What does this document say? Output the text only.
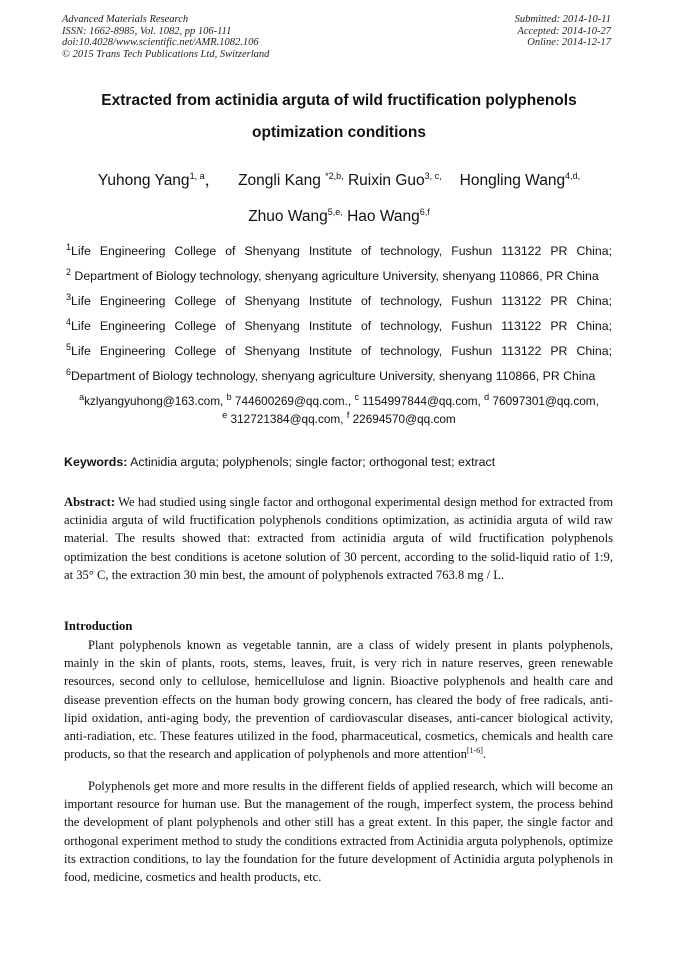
Advanced Materials Research
ISSN: 1662-8985, Vol. 1082, pp 106-111
doi:10.4028/www.scientific.net/AMR.1082.106
© 2015 Trans Tech Publications Ltd, Switzerland
Submitted: 2014-10-11
Accepted: 2014-10-27
Online: 2014-12-17
Extracted from actinidia arguta of wild fructification polyphenols
optimization conditions
Yuhong Yang$^{1, a}$， Zongli Kang $^{*2,b,}$ Ruixin Guo$^{3, c,}$ Hongling Wang$^{4,d,}$
Zhuo Wang$^{5,e,}$ Hao Wang$^{6,f}$
$^1$Life Engineering College of Shenyang Institute of technology, Fushun 113122 PR China;
$^2$ Department of Biology technology, shenyang agriculture University, shenyang 110866, PR China
$^3$Life Engineering College of Shenyang Institute of technology, Fushun 113122 PR China;
$^4$Life Engineering College of Shenyang Institute of technology, Fushun 113122 PR China;
$^5$Life Engineering College of Shenyang Institute of technology, Fushun 113122 PR China;
$^6$Department of Biology technology, shenyang agriculture University, shenyang 110866, PR China
$^a$kzlyangyuhong@163.com, $^b$ 744600269@qq.com., $^c$ 1154997844@qq.com, $^d$ 76097301@qq.com,
$^e$ 312721384@qq.com, $^f$ 22694570@qq.com
Keywords: Actinidia arguta; polyphenols; single factor; orthogonal test; extract

Abstract: We had studied using single factor and orthogonal experimental design method for extracted from actinidia arguta of wild fructification polyphenols conditions optimization, as actinidia arguta of wild raw material. The results showed that: extracted from actinidia arguta of wild fructification polyphenols optimization the best conditions is acetone solution of 30 percent, according to the solid-liquid ratio of 1:9, at 35° C, the extraction 30 min best, the amount of polyphenols extracted 763.8 mg / L.

Introduction

Plant polyphenols known as vegetable tannin, are a class of widely present in plants polyphenols, mainly in the skin of plants, roots, stems, leaves, fruit, is very rich in nature reserves, green renewable resources, second only to cellulose, hemicellulose and lignin. Bioactive polyphenols and health care and disease prevention effects on the human body growing concern, has cleared the body of free radicals, anti-lipid oxidation, anti-aging body, the prevention of cardiovascular diseases, anti-cancer biological activity, anti-radiation, etc. These features utilized in the food, pharmaceutical, cosmetics, chemicals and health care products, so that the research and application of polyphenols and more attention[1-6].

Polyphenols get more and more results in the different fields of applied research, which will become an important resource for human use. But the management of the rough, imperfect system, the process behind the development of plant polyphenols and other still has a great extent. In this paper, the single factor and orthogonal experiment method to study the conditions extracted from Actinidia arguta polyphenols, optimize its extraction conditions, to lay the foundation for the future development of Actinidia arguta polyphenols in food, medicine, cosmetics and health products, etc.
